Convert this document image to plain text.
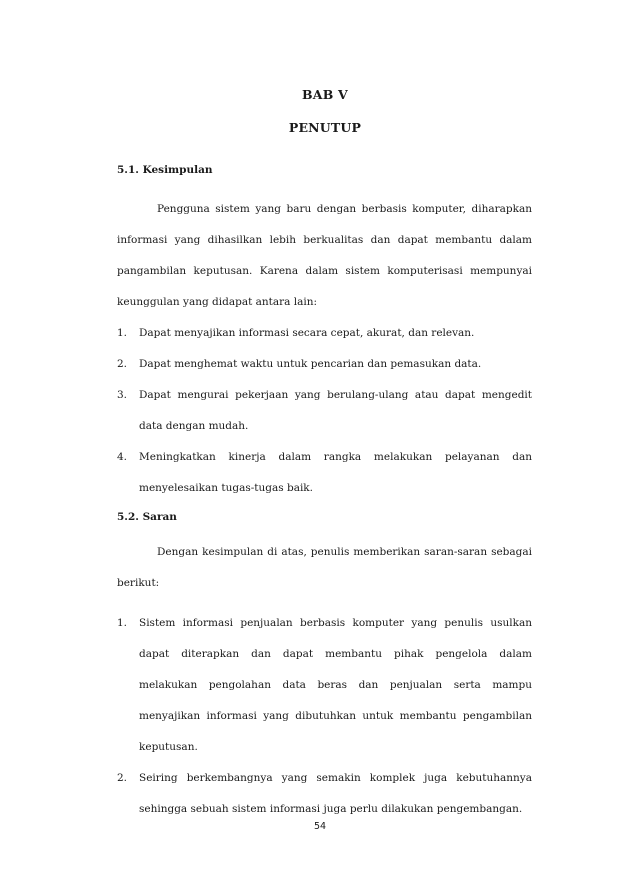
BAB V
PENUTUP
5.1. Kesimpulan

Pengguna sistem yang baru dengan berbasis komputer, diharapkan informasi yang dihasilkan lebih berkualitas dan dapat membantu dalam pangambilan keputusan. Karena dalam sistem komputerisasi mempunyai keunggulan yang didapat antara lain:

1. Dapat menyajikan informasi secara cepat, akurat, dan relevan.
2. Dapat menghemat waktu untuk pencarian dan pemasukan data.
3. Dapat mengurai pekerjaan yang berulang-ulang atau dapat mengedit data dengan mudah.
4. Meningkatkan kinerja dalam rangka melakukan pelayanan dan menyelesaikan tugas-tugas baik.
5.2. Saran

Dengan kesimpulan di atas, penulis memberikan saran-saran sebagai berikut:

1. Sistem informasi penjualan berbasis komputer yang penulis usulkan dapat diterapkan dan dapat membantu pihak pengelola dalam melakukan pengolahan data beras dan penjualan serta mampu menyajikan informasi yang dibutuhkan untuk membantu pengambilan keputusan.
2. Seiring berkembangnya yang semakin komplek juga kebutuhannya sehingga sebuah sistem informasi juga perlu dilakukan pengembangan.
54
